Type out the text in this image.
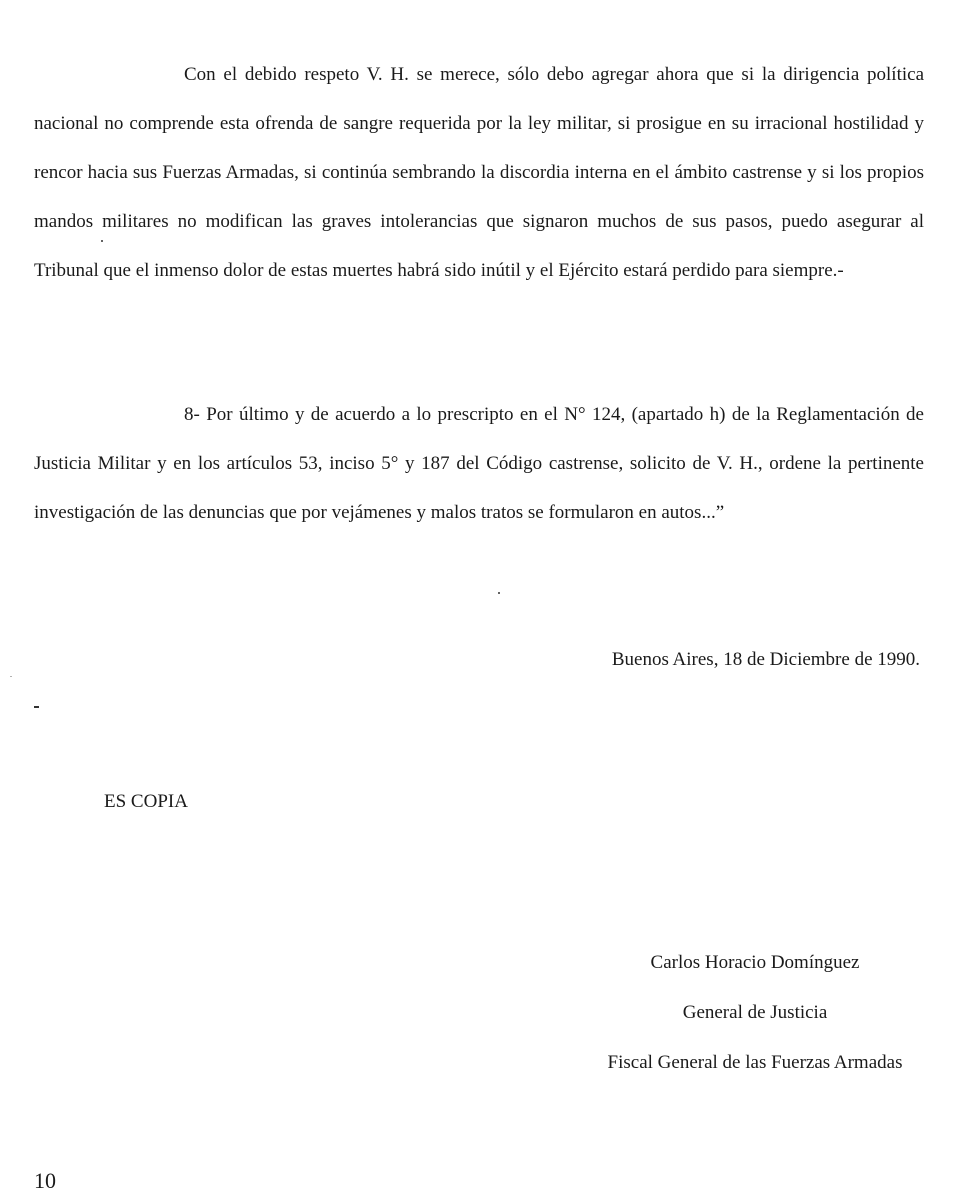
Con el debido respeto V. H. se merece, sólo debo agregar ahora que si la dirigencia política nacional no comprende esta ofrenda de sangre requerida por la ley militar, si prosigue en su irracional hostilidad y rencor hacia sus Fuerzas Armadas, si continúa sembrando la discordia interna en el ámbito castrense y si los propios mandos militares no modifican las graves intolerancias que signaron muchos de sus pasos, puedo asegurar al Tribunal que el inmenso dolor de estas muertes habrá sido inútil y el Ejército estará perdido para siempre.-

8- Por último y de acuerdo a lo prescripto en el N° 124, (apartado h) de la Reglamentación de Justicia Militar y en los artículos 53, inciso 5° y 187 del Código castrense, solicito de V. H., ordene la pertinente investigación de las denuncias que por vejámenes y malos tratos se formularon en autos...”

Buenos Aires, 18 de Diciembre de 1990.
ES COPIA
Carlos Horacio Domínguez
General de Justicia
Fiscal General de las Fuerzas Armadas
10
